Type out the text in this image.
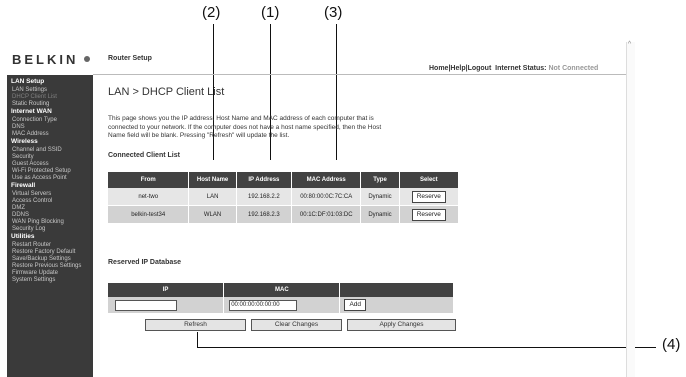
(2)	(1)	(3)
(4)
BELKIN	Router Setup
Home|Help|Logout Internet Status: Not Connected
^
LAN Setup
LAN Settings
DHCP Client List
Static Routing
Internet WAN
Connection Type
DNS
MAC Address
Wireless
Channel and SSID
Security
Guest Access
Wi-Fi Protected Setup
Use as Access Point
Firewall
Virtual Servers
Access Control
DMZ
DDNS
WAN Ping Blocking
Security Log
Utilities
Restart Router
Restore Factory Default
Save/Backup Settings
Restore Previous Settings
Firmware Update
System Settings
LAN > DHCP Client List

This page shows you the IP address, Host Name and MAC address of each computer that is

connected to your network. If the computer does not have a host name specified, then the Host

Name field will be blank. Pressing "Refresh" will update the list.

Connected Client List
From	Host Name	IP Address	MAC Address	Type	Select
net-two	LAN	192.168.2.2	00:80:00:0C:7C:CA	Dynamic	Reserve
belkin-test34	WLAN	192.168.2.3	00:1C:DF:01:03:DC	Dynamic	Reserve
Reserved IP Database
IP	MAC	
	00:00:00:00:00:00	Add
Refresh	Clear Changes	Apply Changes
